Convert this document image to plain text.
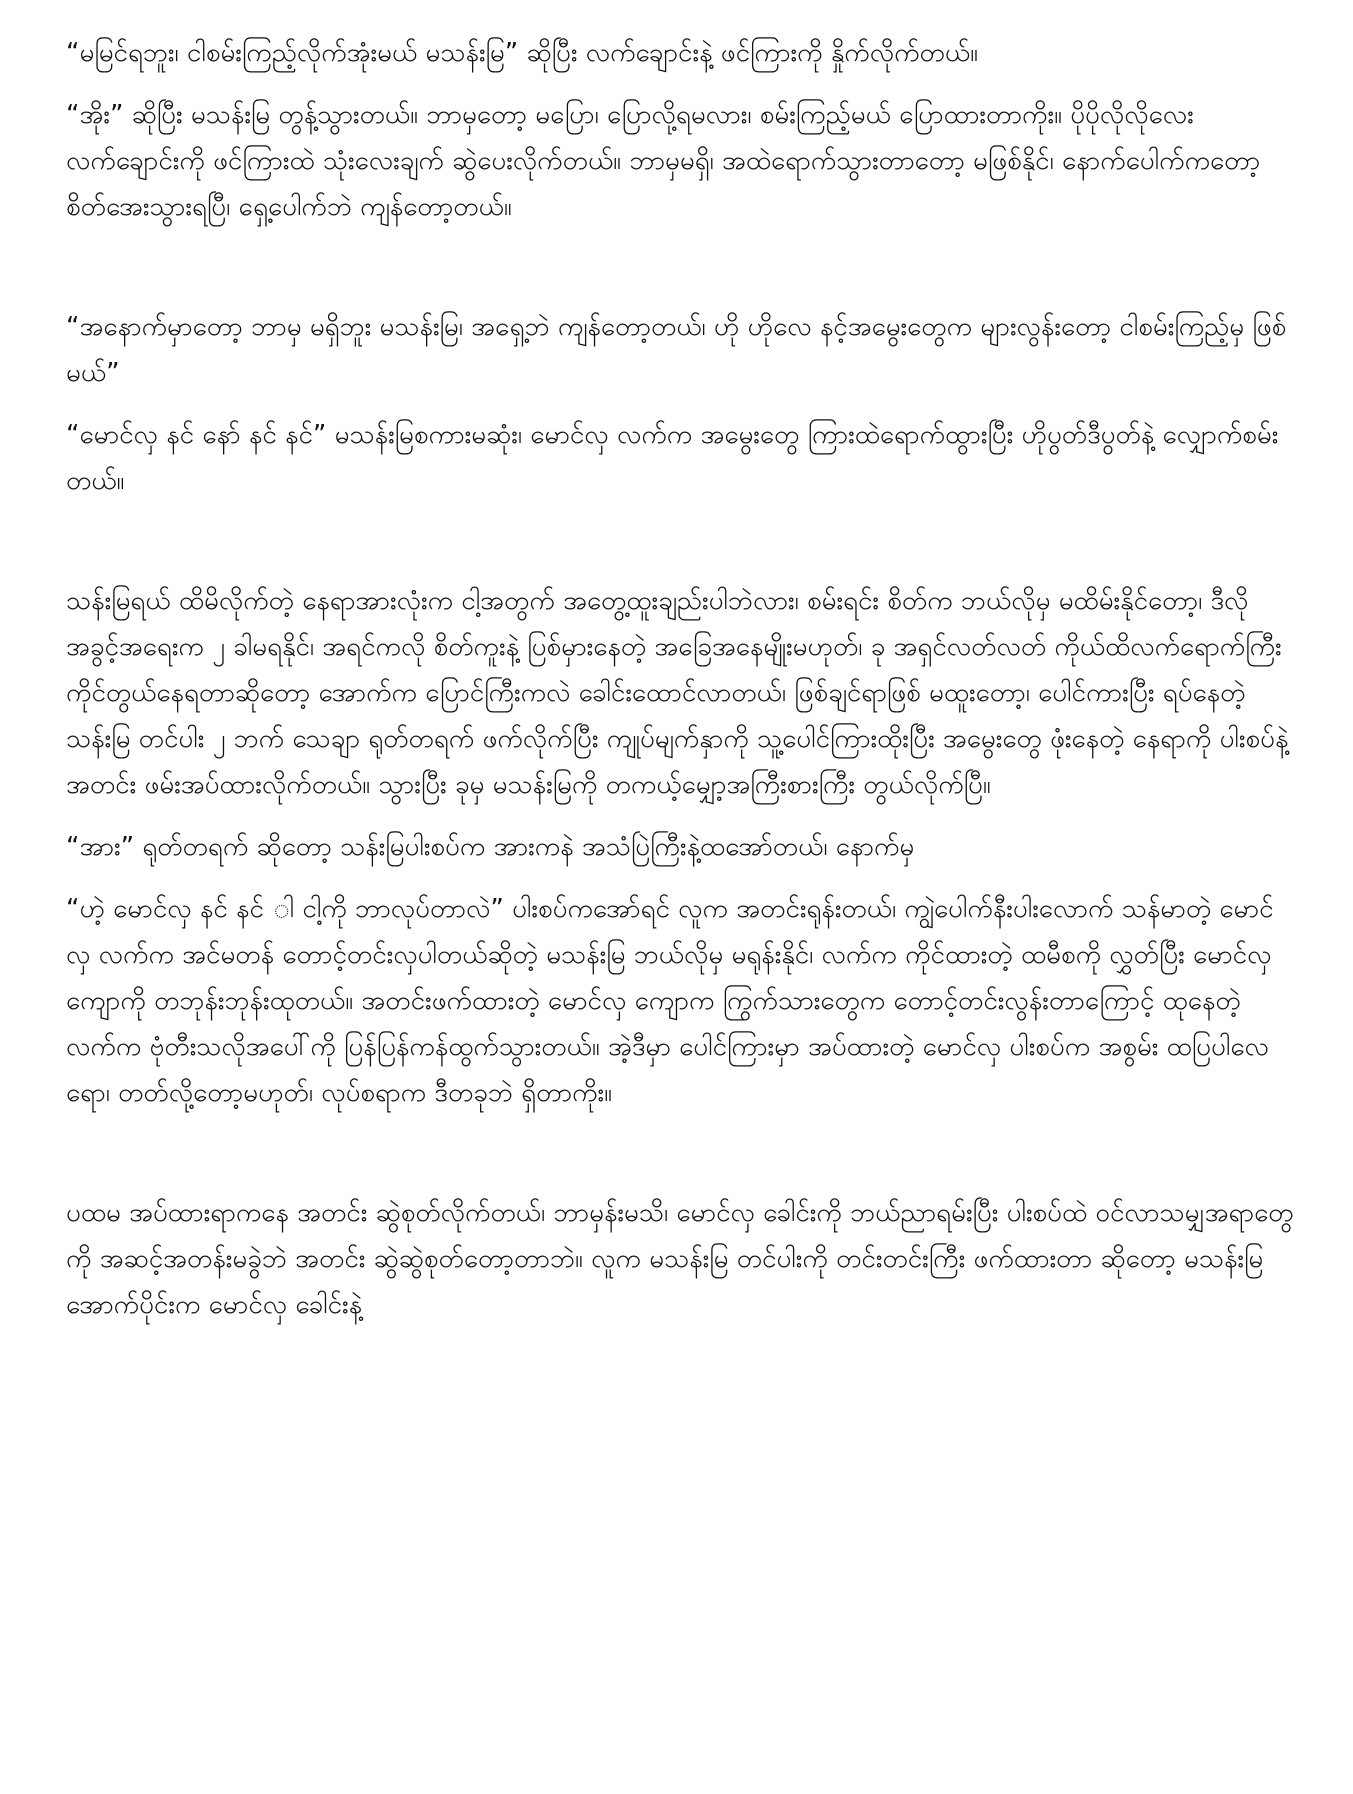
“မမြင်ရဘူး၊ ငါစမ်းကြည့်လိုက်အုံးမယ် မသန်းမြ” ဆိုပြီး လက်ချောင်းနဲ့ ဖင်ကြားကို နှိုက်လိုက်တယ်။

“အိုး” ဆိုပြီး မသန်းမြ တွန့်သွားတယ်။ ဘာမှတော့ မပြော၊ ပြောလို့ရမလား၊ စမ်းကြည့်မယ် ပြောထားတာကိုး။ ပိုပိုလိုလိုလေး လက်ချောင်းကို ဖင်ကြားထဲ သုံးလေးချက် ဆွဲပေးလိုက်တယ်။ ဘာမှမရှိ၊ အထဲရောက်သွားတာတော့ မဖြစ်နိုင်၊ နောက်ပေါက်ကတော့ စိတ်အေးသွားရပြီ၊ ရှေ့ပေါက်ဘဲ ကျန်တော့တယ်။

“အနောက်မှာတော့ ဘာမှ မရှိဘူး မသန်းမြ၊ အရှေ့ဘဲ ကျန်တော့တယ်၊ ဟို ဟိုလေ နင့်အမွေးတွေက များလွန်းတော့ ငါစမ်းကြည့်မှ ဖြစ်မယ်”

“မောင်လှ နင် နော် နင် နင်” မသန်းမြစကားမဆုံး၊ မောင်လှ လက်က အမွေးတွေ ကြားထဲရောက်ထွားပြီး ဟိုပွတ်ဒီပွတ်နဲ့ လျှောက်စမ်းတယ်။

သန်းမြရယ် ထိမိလိုက်တဲ့ နေရာအားလုံးက ငါ့အတွက် အတွေ့ထူးချည်းပါဘဲလား၊ စမ်းရင်း စိတ်က ဘယ်လိုမှ မထိမ်းနိုင်တော့၊ ဒီလို အခွင့်အရေးက ၂ ခါမရနိုင်၊ အရင်ကလို စိတ်ကူးနဲ့ ပြစ်မှားနေတဲ့ အခြေအနေမျိုးမဟုတ်၊ ခု အရှင်လတ်လတ် ကိုယ်ထိလက်ရောက်ကြီး ကိုင်တွယ်နေရတာဆိုတော့ အောက်က ပြောင်ကြီးကလဲ ခေါင်းထောင်လာတယ်၊ ဖြစ်ချင်ရာဖြစ် မထူးတော့၊ ပေါင်ကားပြီး ရပ်နေတဲ့ သန်းမြ တင်ပါး ၂ ဘက် သေချာ ရုတ်တရက် ဖက်လိုက်ပြီး ကျုပ်မျက်နှာကို သူ့ပေါင်ကြားထိုးပြီး အမွေးတွေ ဖုံးနေတဲ့ နေရာကို ပါးစပ်နဲ့ အတင်း ဖမ်းအပ်ထားလိုက်တယ်။ သွားပြီး ခုမှ မသန်းမြကို တကယ့်မျှော့အကြီးစားကြီး တွယ်လိုက်ပြီ။

“အား” ရုတ်တရက် ဆိုတော့ သန်းမြပါးစပ်က အားကနဲ အသံပြဲကြီးနဲ့ထအော်တယ်၊ နောက်မှ

“ဟဲ့ မောင်လှ နင် နင် ါ ငါ့ကို ဘာလုပ်တာလဲ” ပါးစပ်ကအော်ရင် လူက အတင်းရုန်းတယ်၊ ကျွဲပေါက်နီးပါးလောက် သန်မာတဲ့ မောင်လှ လက်က အင်မတန် တောင့်တင်းလှပါတယ်ဆိုတဲ့ မသန်းမြ ဘယ်လိုမှ မရုန်းနိုင်၊ လက်က ကိုင်ထားတဲ့ ထမီစကို လွှတ်ပြီး မောင်လှကျောကို တဘုန်းဘုန်းထုတယ်။ အတင်းဖက်ထားတဲ့ မောင်လှ ကျောက ကြွက်သားတွေက တောင့်တင်းလွန်းတာကြောင့် ထုနေတဲ့ လက်က ဗုံတီးသလိုအပေါ်ကို ပြန်ပြန်ကန်ထွက်သွားတယ်။ အဲ့ဒီမှာ ပေါင်ကြားမှာ အပ်ထားတဲ့ မောင်လှ ပါးစပ်က အစွမ်း ထပြပါလေရော၊ တတ်လို့တော့မဟုတ်၊ လုပ်စရာက ဒီတခုဘဲ ရှိတာကိုး။

ပထမ အပ်ထားရာကနေ အတင်း ဆွဲစုတ်လိုက်တယ်၊ ဘာမှန်းမသိ၊ မောင်လှ ခေါင်းကို ဘယ်ညာရမ်းပြီး ပါးစပ်ထဲ ဝင်လာသမျှအရာတွေကို အဆင့်အတန်းမခွဲဘဲ အတင်း ဆွဲဆွဲစုတ်တော့တာဘဲ။ လူက မသန်းမြ တင်ပါးကို တင်းတင်းကြီး ဖက်ထားတာ ဆိုတော့ မသန်းမြအောက်ပိုင်းက မောင်လှ ခေါင်းနဲ့
